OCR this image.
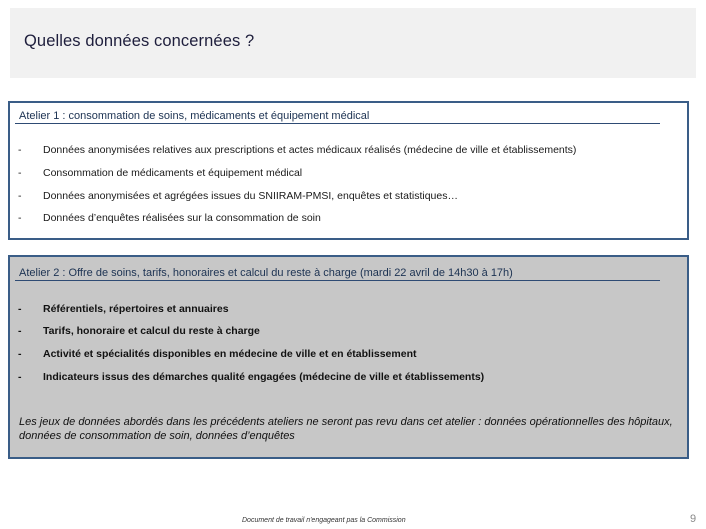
Quelles données concernées ?
Atelier 1 : consommation de soins, médicaments et équipement médical
- Données anonymisées relatives aux prescriptions et actes médicaux réalisés (médecine de ville et établissements)
- Consommation de médicaments et équipement médical
- Données anonymisées et agrégées issues du SNIIRAM-PMSI, enquêtes et statistiques…
- Données d’enquêtes réalisées sur la consommation de soin
Atelier 2 : Offre de soins, tarifs, honoraires et calcul du reste à charge (mardi 22 avril de 14h30 à 17h)
- Référentiels, répertoires et annuaires
- Tarifs, honoraire et calcul du reste à charge
- Activité et spécialités disponibles en médecine de ville et en établissement
- Indicateurs issus des démarches qualité engagées (médecine de ville et établissements)
Les jeux de données abordés dans les précédents ateliers ne seront pas revu dans cet atelier : données opérationnelles des hôpitaux, données de consommation de soin, données d’enquêtes
Document de travail n'engageant pas la Commission	9
